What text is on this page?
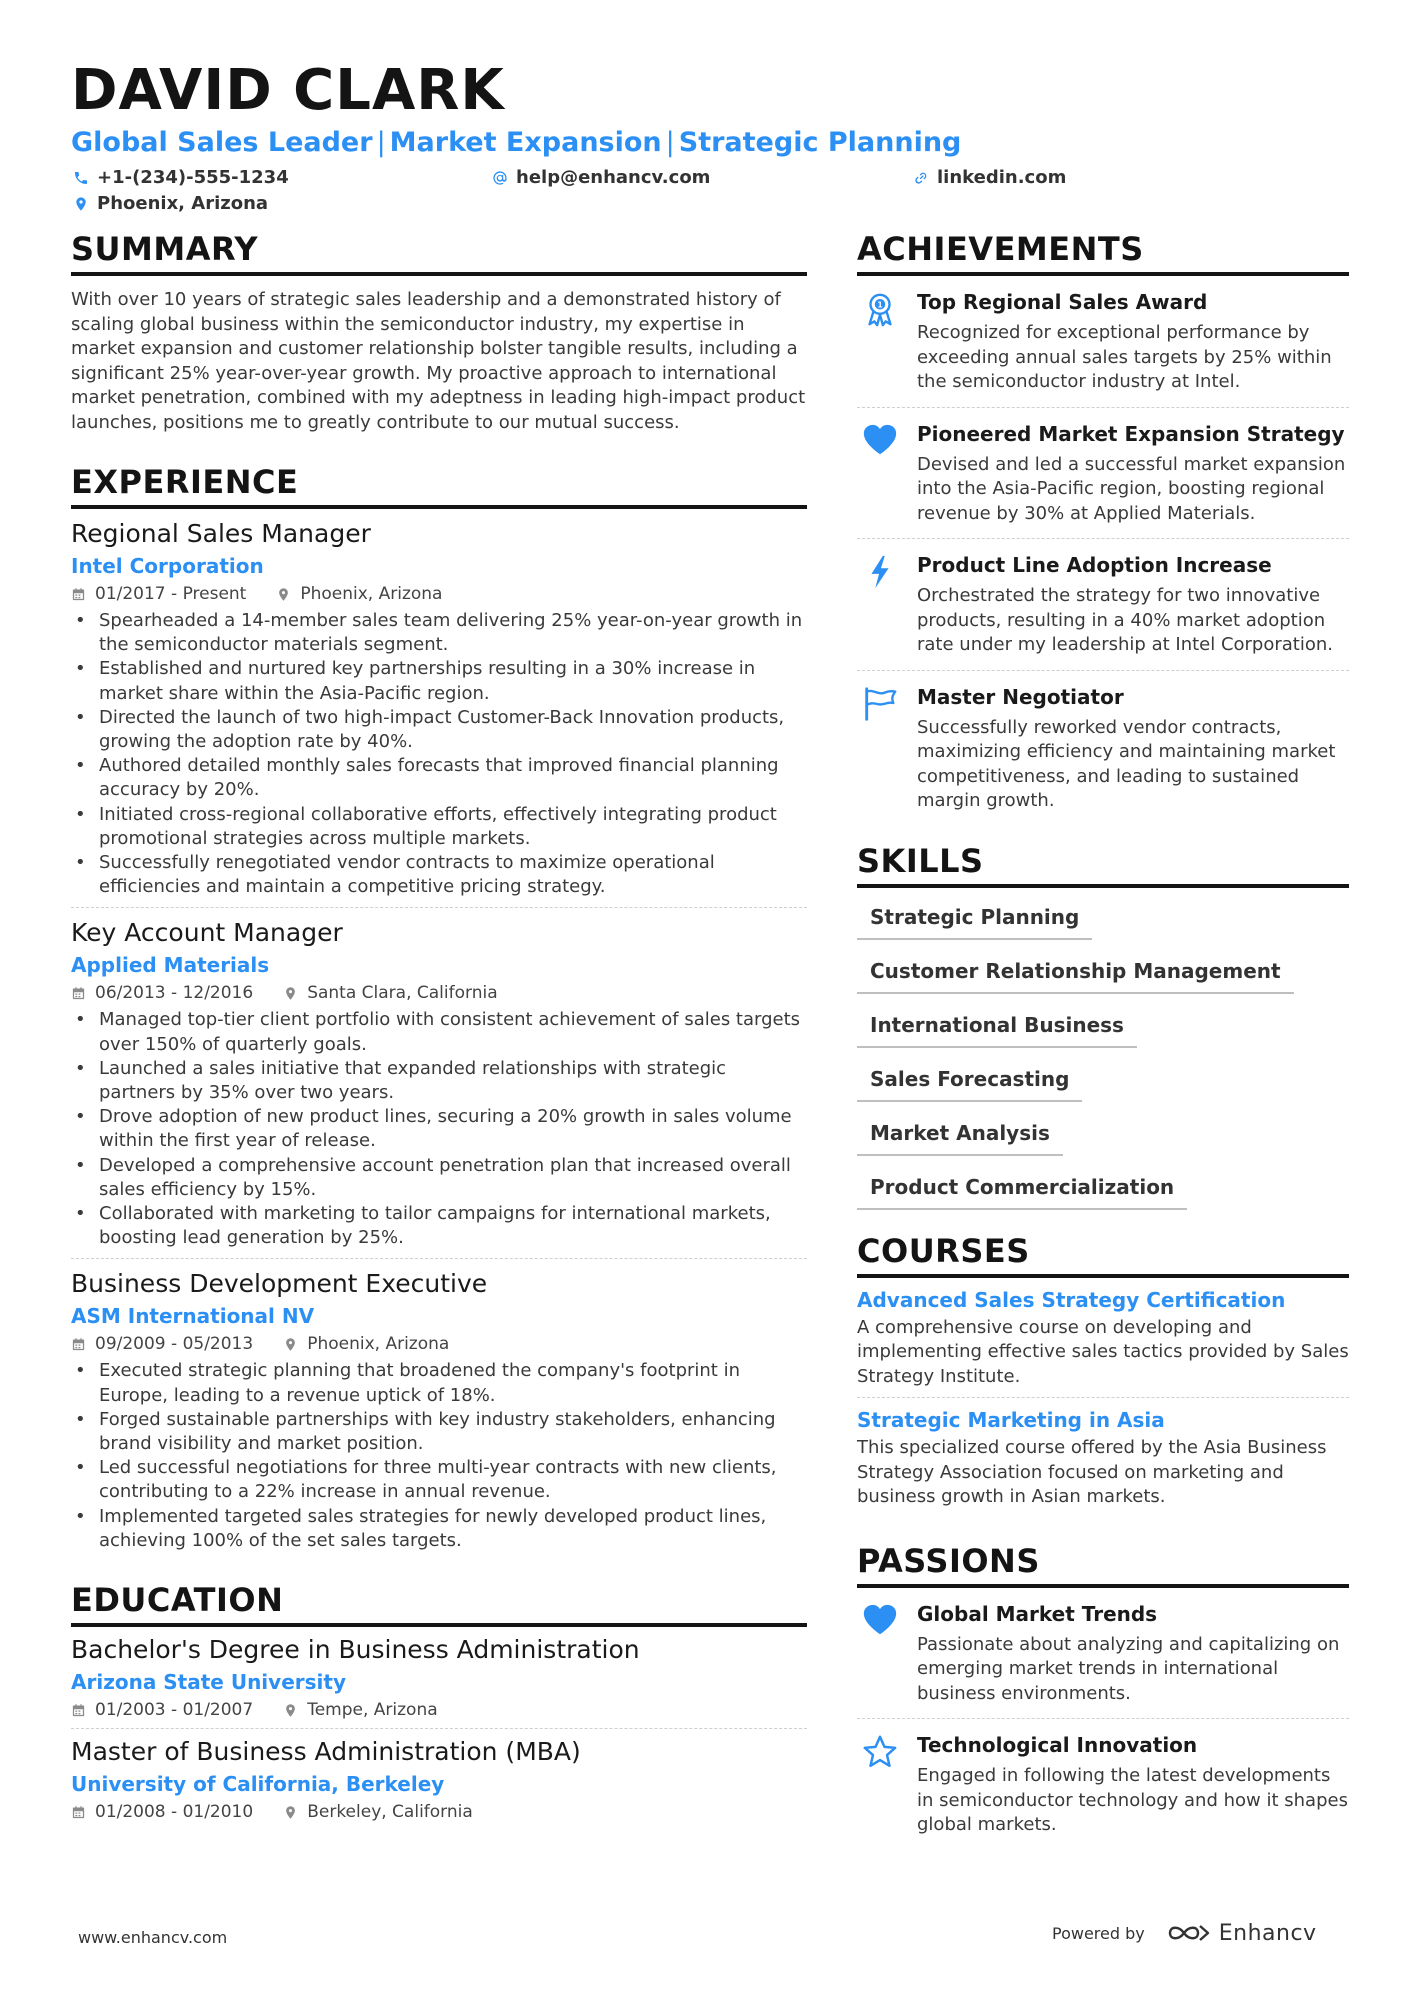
DAVID CLARK
Global Sales Leader | Market Expansion | Strategic Planning
+1-(234)-555-1234	help@enhancv.com	linkedin.com
Phoenix, Arizona
SUMMARY
With over 10 years of strategic sales leadership and a demonstrated history of scaling global business within the semiconductor industry, my expertise in market expansion and customer relationship bolster tangible results, including a significant 25% year-over-year growth. My proactive approach to international market penetration, combined with my adeptness in leading high-impact product launches, positions me to greatly contribute to our mutual success.
EXPERIENCE
Regional Sales Manager
Intel Corporation
01/2017 - Present	Phoenix, Arizona
• Spearheaded a 14-member sales team delivering 25% year-on-year growth in the semiconductor materials segment.
• Established and nurtured key partnerships resulting in a 30% increase in market share within the Asia-Pacific region.
• Directed the launch of two high-impact Customer-Back Innovation products, growing the adoption rate by 40%.
• Authored detailed monthly sales forecasts that improved financial planning accuracy by 20%.
• Initiated cross-regional collaborative efforts, effectively integrating product promotional strategies across multiple markets.
• Successfully renegotiated vendor contracts to maximize operational efficiencies and maintain a competitive pricing strategy.
Key Account Manager
Applied Materials
06/2013 - 12/2016	Santa Clara, California
• Managed top-tier client portfolio with consistent achievement of sales targets over 150% of quarterly goals.
• Launched a sales initiative that expanded relationships with strategic partners by 35% over two years.
• Drove adoption of new product lines, securing a 20% growth in sales volume within the first year of release.
• Developed a comprehensive account penetration plan that increased overall sales efficiency by 15%.
• Collaborated with marketing to tailor campaigns for international markets, boosting lead generation by 25%.
Business Development Executive
ASM International NV
09/2009 - 05/2013	Phoenix, Arizona
• Executed strategic planning that broadened the company's footprint in Europe, leading to a revenue uptick of 18%.
• Forged sustainable partnerships with key industry stakeholders, enhancing brand visibility and market position.
• Led successful negotiations for three multi-year contracts with new clients, contributing to a 22% increase in annual revenue.
• Implemented targeted sales strategies for newly developed product lines, achieving 100% of the set sales targets.
EDUCATION
Bachelor's Degree in Business Administration
Arizona State University
01/2003 - 01/2007	Tempe, Arizona
Master of Business Administration (MBA)
University of California, Berkeley
01/2008 - 01/2010	Berkeley, California
ACHIEVEMENTS
1 Top Regional Sales Award
Recognized for exceptional performance by exceeding annual sales targets by 25% within the semiconductor industry at Intel.
Pioneered Market Expansion Strategy
Devised and led a successful market expansion into the Asia-Pacific region, boosting regional revenue by 30% at Applied Materials.
Product Line Adoption Increase
Orchestrated the strategy for two innovative products, resulting in a 40% market adoption rate under my leadership at Intel Corporation.
Master Negotiator
Successfully reworked vendor contracts, maximizing efficiency and maintaining market competitiveness, and leading to sustained margin growth.
SKILLS
Strategic Planning
Customer Relationship Management
International Business
Sales Forecasting
Market Analysis
Product Commercialization
COURSES
Advanced Sales Strategy Certification
A comprehensive course on developing and implementing effective sales tactics provided by Sales Strategy Institute.
Strategic Marketing in Asia
This specialized course offered by the Asia Business Strategy Association focused on marketing and business growth in Asian markets.
PASSIONS
Global Market Trends
Passionate about analyzing and capitalizing on emerging market trends in international business environments.
Technological Innovation
Engaged in following the latest developments in semiconductor technology and how it shapes global markets.
www.enhancv.com	Powered by	Enhancv
